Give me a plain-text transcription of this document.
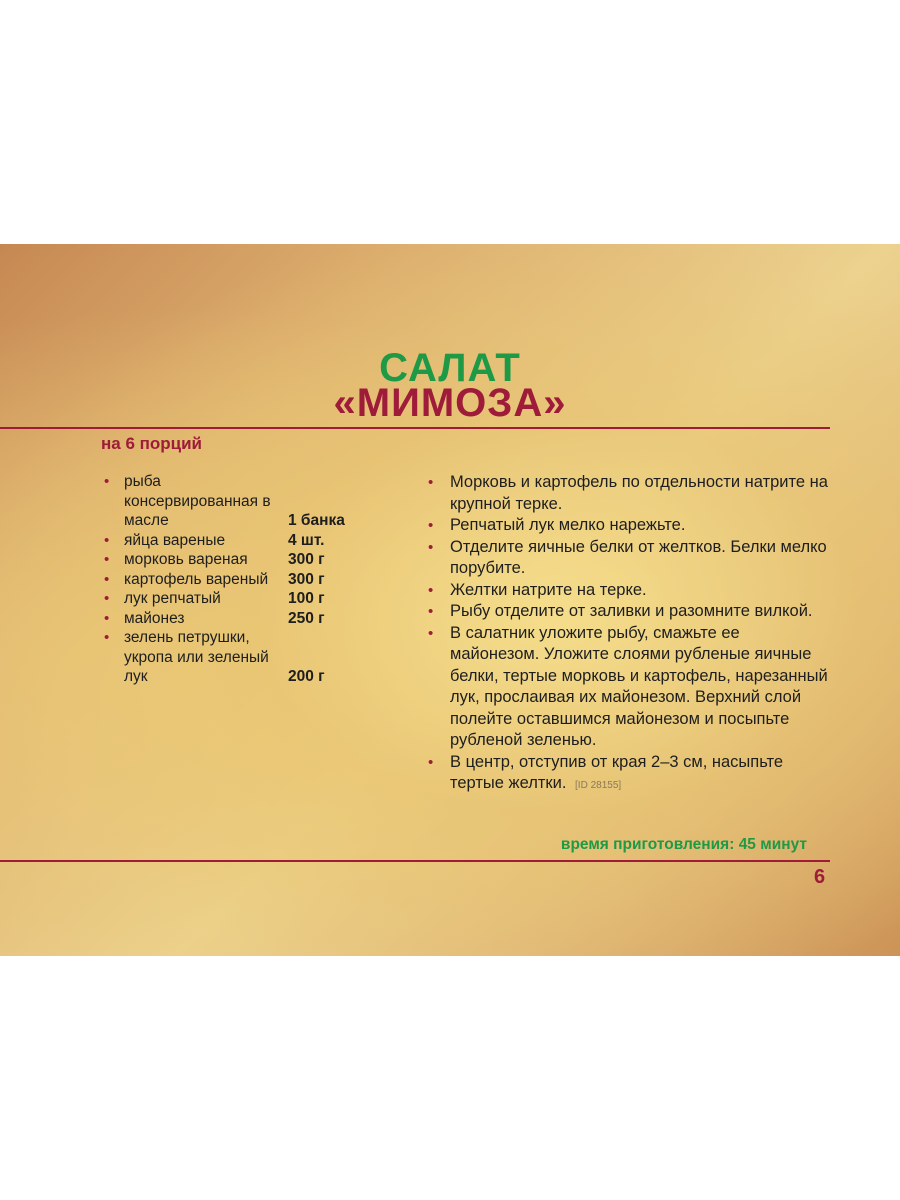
САЛАТ
«МИМОЗА»
на 6 порций
• рыба консервированная в масле	1 банка
• яйца вареные	4 шт.
• морковь вареная	300 г
• картофель вареный	300 г
• лук репчатый	100 г
• майонез	250 г
• зелень петрушки, укропа или зеленый лук	200 г
• Морковь и картофель по отдельности натрите на крупной терке.
• Репчатый лук мелко нарежьте.
• Отделите яичные белки от желтков. Белки мелко порубите.
• Желтки натрите на терке.
• Рыбу отделите от заливки и разомните вилкой.
• В салатник уложите рыбу, смажьте ее майонезом. Уложите слоями рубленые яичные белки, тертые морковь и картофель, нарезанный лук, прослаивая их майонезом. Верхний слой полейте оставшимся майонезом и посыпьте рубленой зеленью.
• В центр, отступив от края 2–3 см, насыпьте тертые желтки. [ID 28155]
время приготовления: 45 минут
6
